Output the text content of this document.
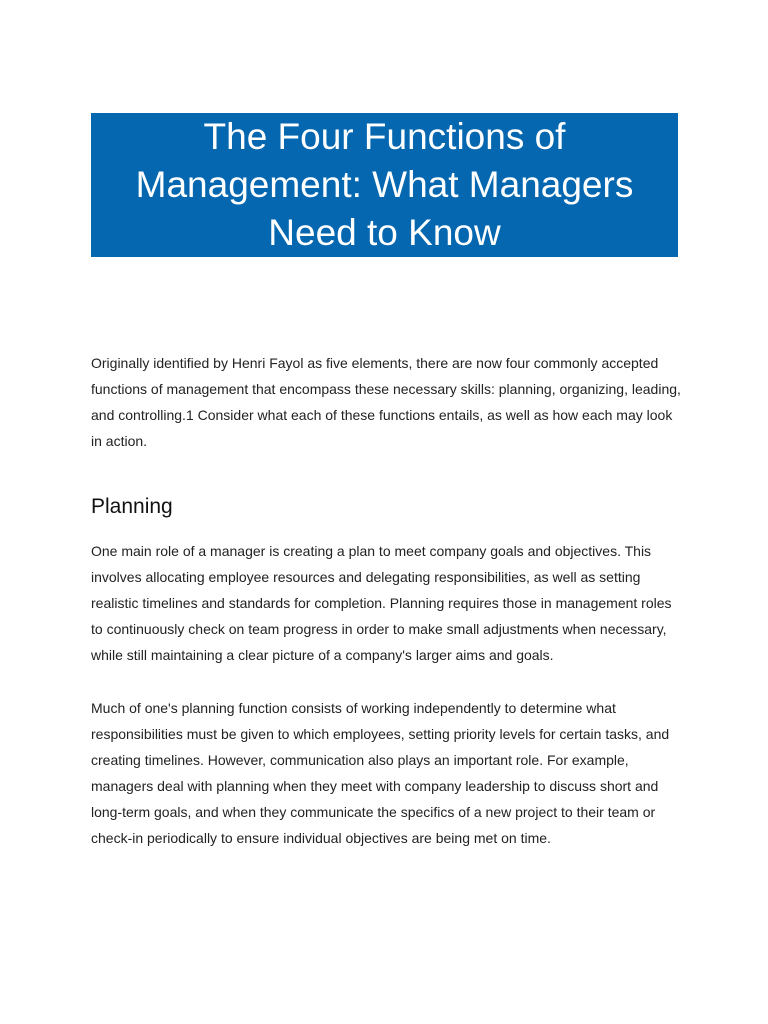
The Four Functions of Management: What Managers Need to Know

Originally identified by Henri Fayol as five elements, there are now four commonly accepted functions of management that encompass these necessary skills: planning, organizing, leading, and controlling.1 Consider what each of these functions entails, as well as how each may look in action.

Planning

One main role of a manager is creating a plan to meet company goals and objectives. This involves allocating employee resources and delegating responsibilities, as well as setting realistic timelines and standards for completion. Planning requires those in management roles to continuously check on team progress in order to make small adjustments when necessary, while still maintaining a clear picture of a company's larger aims and goals.

Much of one's planning function consists of working independently to determine what responsibilities must be given to which employees, setting priority levels for certain tasks, and creating timelines. However, communication also plays an important role. For example, managers deal with planning when they meet with company leadership to discuss short and long-term goals, and when they communicate the specifics of a new project to their team or check-in periodically to ensure individual objectives are being met on time.
